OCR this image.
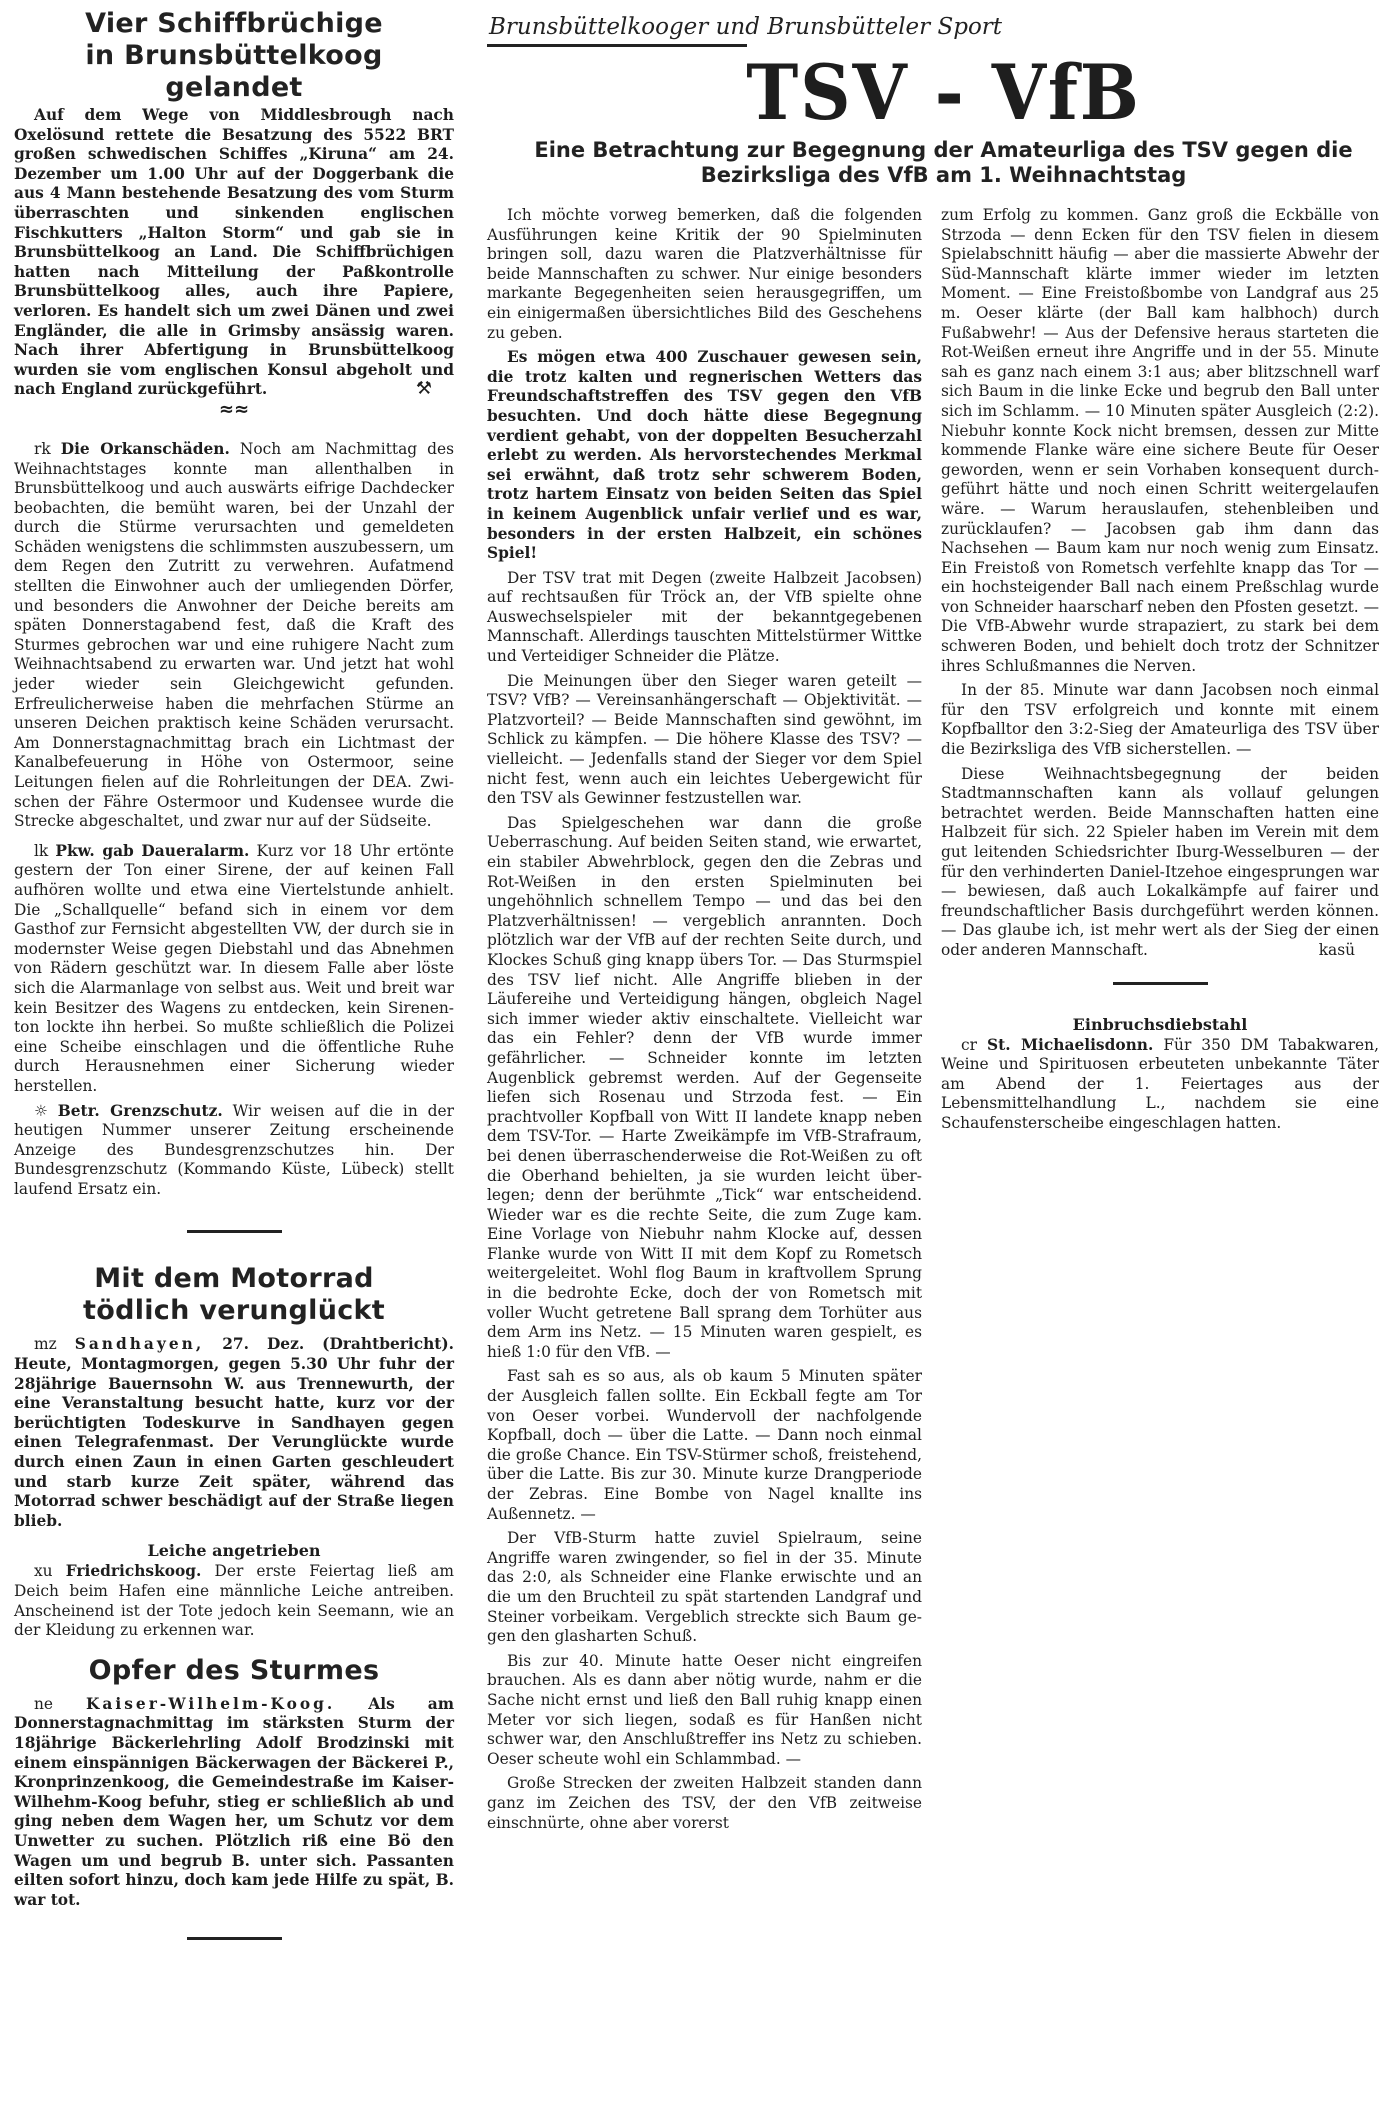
Vier Schiffbrüchige
in Brunsbüttelkoog gelandet

Auf dem Wege von Middlesbrough nach Oxelösund rettete die Besatzung des 5522 BRT großen schwedischen Schiffes „Kiruna“ am 24. Dezember um 1.00 Uhr auf der Doggerbank die aus 4 Mann bestehende Besatzung des vom Sturm überraschten und sinkenden englischen Fischkutters „Halton Storm“ und gab sie in Brunsbüttelkoog an Land. Die Schiffbrüchigen hatten nach Mitteilung der Paßkontrolle Brunsbüttelkoog alles, auch ihre Papiere, verloren. Es handelt sich um zwei Dänen und zwei Engländer, die alle in Grimsby ansässig waren. Nach ihrer Abfertigung in Brunsbüttelkoog wurden sie vom englischen Konsul abgeholt und nach England zurückgeführt.	⚒
≈≈

rk Die Orkanschäden. Noch am Nachmittag des Weihnachtstages konnte man allenthalben in Brunsbüttelkoog und auch auswärts eifrige Dachdecker beobachten, die bemüht waren, bei der Unzahl der durch die Stürme verursachten und gemeldeten Schäden wenigstens die schlimmsten auszubessern, um dem Regen den Zutritt zu verwehren. Aufatmend stellten die Einwohner auch der umliegenden Dörfer, und besonders die Anwohner der Deiche bereits am späten Donnerstagabend fest, daß die Kraft des Sturmes gebrochen war und eine ruhigere Nacht zum Weihnachtsabend zu erwarten war. Und jetzt hat wohl jeder wieder sein Gleichgewicht gefunden. Erfreulicherweise haben die mehrfachen Stürme an unseren Deichen praktisch keine Schäden verursacht. Am Donnerstagnachmittag brach ein Lichtmast der Kanalbefeuerung in Höhe von Ostermoor, seine Leitungen fielen auf die Rohrleitungen der DEA. Zwischen der Fähre Ostermoor und Kudensee wurde die Strecke abgeschaltet, und zwar nur auf der Südseite.

lk Pkw. gab Daueralarm. Kurz vor 18 Uhr ertönte gestern der Ton einer Sirene, der auf keinen Fall aufhören wollte und etwa eine Viertelstunde anhielt. Die „Schallquelle“ befand sich in einem vor dem Gasthof zur Fernsicht abgestellten VW, der durch sie in modernster Weise gegen Diebstahl und das Abnehmen von Rädern geschützt war. In diesem Falle aber löste sich die Alarmanlage von selbst aus. Weit und breit war kein Besitzer des Wagens zu entdecken, kein Sirenenton lockte ihn herbei. So mußte schließlich die Polizei eine Scheibe einschlagen und die öffentliche Ruhe durch Herausnehmen einer Sicherung wieder herstellen.

☼ Betr. Grenzschutz. Wir weisen auf die in der heutigen Nummer unserer Zeitung erscheinende Anzeige des Bundesgrenzschutzes hin. Der Bundesgrenzschutz (Kommando Küste, Lübeck) stellt laufend Ersatz ein.

Mit dem Motorrad
tödlich verunglückt

mz Sandhayen, 27. Dez. (Drahtbericht). Heute, Montagmorgen, gegen 5.30 Uhr fuhr der 28jährige Bauernsohn W. aus Trennewurth, der eine Veranstaltung besucht hatte, kurz vor der berüchtigten Todeskurve in Sandhayen gegen einen Telegrafenmast. Der Verunglückte wurde durch einen Zaun in einen Garten geschleudert und starb kurze Zeit später, während das Motorrad schwer beschädigt auf der Straße liegen blieb.

Leiche angetrieben

xu Friedrichskoog. Der erste Feiertag ließ am Deich beim Hafen eine männliche Leiche antreiben. Anscheinend ist der Tote jedoch kein Seemann, wie an der Kleidung zu erkennen war.

Opfer des Sturmes

ne Kaiser-Wilhelm-Koog. Als am Donnerstagnachmittag im stärksten Sturm der 18jährige Bäckerlehrling Adolf Brodzinski mit einem einspännigen Bäckerwagen der Bäckerei P., Kronprinzenkoog, die Gemeindestraße im Kaiser-Wilhehm-Koog befuhr, stieg er schließlich ab und ging neben dem Wagen her, um Schutz vor dem Unwetter zu suchen. Plötzlich riß eine Bö den Wagen um und begrub B. unter sich. Passanten eilten sofort hinzu, doch kam jede Hilfe zu spät, B. war tot.

Brunsbüttelkooger und Brunsbütteler Sport
TSV - VfB
Eine Betrachtung zur Begegnung der Amateurliga des TSV gegen die
Bezirksliga des VfB am 1. Weihnachtstag

Ich möchte vorweg bemerken, daß die folgenden Ausführungen keine Kritik der 90 Spielminuten bringen soll, dazu waren die Platzverhältnisse für beide Mannschaften zu schwer. Nur einige besonders markante Begegenheiten seien herausgegriffen, um ein einigermaßen übersichtliches Bild des Geschehens zu geben.

Es mögen etwa 400 Zuschauer gewesen sein, die trotz kalten und regnerischen Wetters das Freundschaftstreffen des TSV gegen den VfB besuchten. Und doch hätte diese Begegnung verdient gehabt, von der doppelten Besucherzahl erlebt zu werden. Als hervorstechendes Merkmal sei erwähnt, daß trotz sehr schwerem Boden, trotz hartem Einsatz von beiden Seiten das Spiel in keinem Augenblick unfair verlief und es war, besonders in der ersten Halbzeit, ein schönes Spiel!

Der TSV trat mit Degen (zweite Halbzeit Jacobsen) auf rechtsaußen für Tröck an, der VfB spielte ohne Auswechselspieler mit der bekanntgegebenen Mannschaft. Allerdings tauschten Mittelstürmer Wittke und Verteidiger Schneider die Plätze.

Die Meinungen über den Sieger waren geteilt — TSV? VfB? — Vereinsanhängerschaft — Objektivität. — Platzvorteil? — Beide Mannschaften sind gewöhnt, im Schlick zu kämpfen. — Die höhere Klasse des TSV? — vielleicht. — Jedenfalls stand der Sieger vor dem Spiel nicht fest, wenn auch ein leichtes Uebergewicht für den TSV als Gewinner festzustellen war.

Das Spielgeschehen war dann die große Ueberraschung. Auf beiden Seiten stand, wie erwartet, ein stabiler Abwehrblock, gegen den die Zebras und Rot-Weißen in den ersten Spielminuten bei ungehöhnlich schnellem Tempo — und das bei den Platzverhältnissen! — vergeblich anrannten. Doch plötzlich war der VfB auf der rechten Seite durch, und Klockes Schuß ging knapp übers Tor. — Das Sturmspiel des TSV lief nicht. Alle Angriffe blieben in der Läufereihe und Verteidigung hängen, obgleich Nagel sich immer wieder aktiv einschaltete. Vielleicht war das ein Fehler? denn der VfB wurde immer gefährlicher. — Schneider konnte im letzten Augenblick gebremst werden. Auf der Gegenseite liefen sich Rosenau und Strzoda fest. — Ein prachtvoller Kopfball von Witt II landete knapp neben dem TSV-Tor. — Harte Zweikämpfe im VfB-Strafraum, bei denen überraschenderweise die Rot-Weißen zu oft die Oberhand behielten, ja sie wurden leicht überlegen; denn der berühmte „Tick“ war entscheidend. Wieder war es die rechte Seite, die zum Zuge kam. Eine Vorlage von Niebuhr nahm Klocke auf, dessen Flanke wurde von Witt II mit dem Kopf zu Rometsch weitergeleitet. Wohl flog Baum in kraftvollem Sprung in die bedrohte Ecke, doch der von Rometsch mit voller Wucht getretene Ball sprang dem Torhüter aus dem Arm ins Netz. — 15 Minuten waren gespielt, es hieß 1:0 für den VfB. —

Fast sah es so aus, als ob kaum 5 Minuten später der Ausgleich fallen sollte. Ein Eckball fegte am Tor von Oeser vorbei. Wundervoll der nachfolgende Kopfball, doch — über die Latte. — Dann noch einmal die große Chance. Ein TSV-Stürmer schoß, freistehend, über die Latte. Bis zur 30. Minute kurze Drangperiode der Zebras. Eine Bombe von Nagel knallte ins Außennetz. —

Der VfB-Sturm hatte zuviel Spielraum, seine Angriffe waren zwingender, so fiel in der 35. Minute das 2:0, als Schneider eine Flanke erwischte und an die um den Bruchteil zu spät startenden Landgraf und Steiner vorbeikam. Vergeblich streckte sich Baum gegen den glasharten Schuß.

Bis zur 40. Minute hatte Oeser nicht eingreifen brauchen. Als es dann aber nötig wurde, nahm er die Sache nicht ernst und ließ den Ball ruhig knapp einen Meter vor sich liegen, sodaß es für Hanßen nicht schwer war, den Anschlußtreffer ins Netz zu schieben. Oeser scheute wohl ein Schlammbad. —

Große Strecken der zweiten Halbzeit standen dann ganz im Zeichen des TSV, der den VfB zeitweise einschnürte, ohne aber vorerst

zum Erfolg zu kommen. Ganz groß die Eckbälle von Strzoda — denn Ecken für den TSV fielen in diesem Spielabschnitt häufig — aber die massierte Abwehr der Süd-Mannschaft klärte immer wieder im letzten Moment. — Eine Freistoßbombe von Landgraf aus 25 m. Oeser klärte (der Ball kam halbhoch) durch Fußabwehr! — Aus der Defensive heraus starteten die Rot-Weißen erneut ihre Angriffe und in der 55. Minute sah es ganz nach einem 3:1 aus; aber blitzschnell warf sich Baum in die linke Ecke und begrub den Ball unter sich im Schlamm. — 10 Minuten später Ausgleich (2:2). Niebuhr konnte Kock nicht bremsen, dessen zur Mitte kommende Flanke wäre eine sichere Beute für Oeser geworden, wenn er sein Vorhaben konsequent durchgeführt hätte und noch einen Schritt weitergelaufen wäre. — Warum herauslaufen, stehenbleiben und zurücklaufen? — Jacobsen gab ihm dann das Nachsehen — Baum kam nur noch wenig zum Einsatz. Ein Freistoß von Rometsch verfehlte knapp das Tor — ein hochsteigender Ball nach einem Preßschlag wurde von Schneider haarscharf neben den Pfosten gesetzt. — Die VfB-Abwehr wurde strapaziert, zu stark bei dem schweren Boden, und behielt doch trotz der Schnitzer ihres Schlußmannes die Nerven.

In der 85. Minute war dann Jacobsen noch einmal für den TSV erfolgreich und konnte mit einem Kopfballtor den 3:2-Sieg der Amateurliga des TSV über die Bezirksliga des VfB sicherstellen. —

Diese Weihnachtsbegegnung der beiden Stadtmannschaften kann als vollauf gelungen betrachtet werden. Beide Mannschaften hatten eine Halbzeit für sich. 22 Spieler haben im Verein mit dem gut leitenden Schiedsrichter Iburg-Wesselburen — der für den verhinderten Daniel-Itzehoe eingesprungen war — bewiesen, daß auch Lokalkämpfe auf fairer und freundschaftlicher Basis durchgeführt werden können. — Das glaube ich, ist mehr wert als der Sieg der einen oder anderen Mannschaft.	kasü

Einbruchsdiebstahl

cr St. Michaelisdonn. Für 350 DM Tabakwaren, Weine und Spirituosen erbeuteten unbekannte Täter am Abend der 1. Feiertages aus der Lebensmittelhandlung L., nachdem sie eine Schaufensterscheibe eingeschlagen hatten.
